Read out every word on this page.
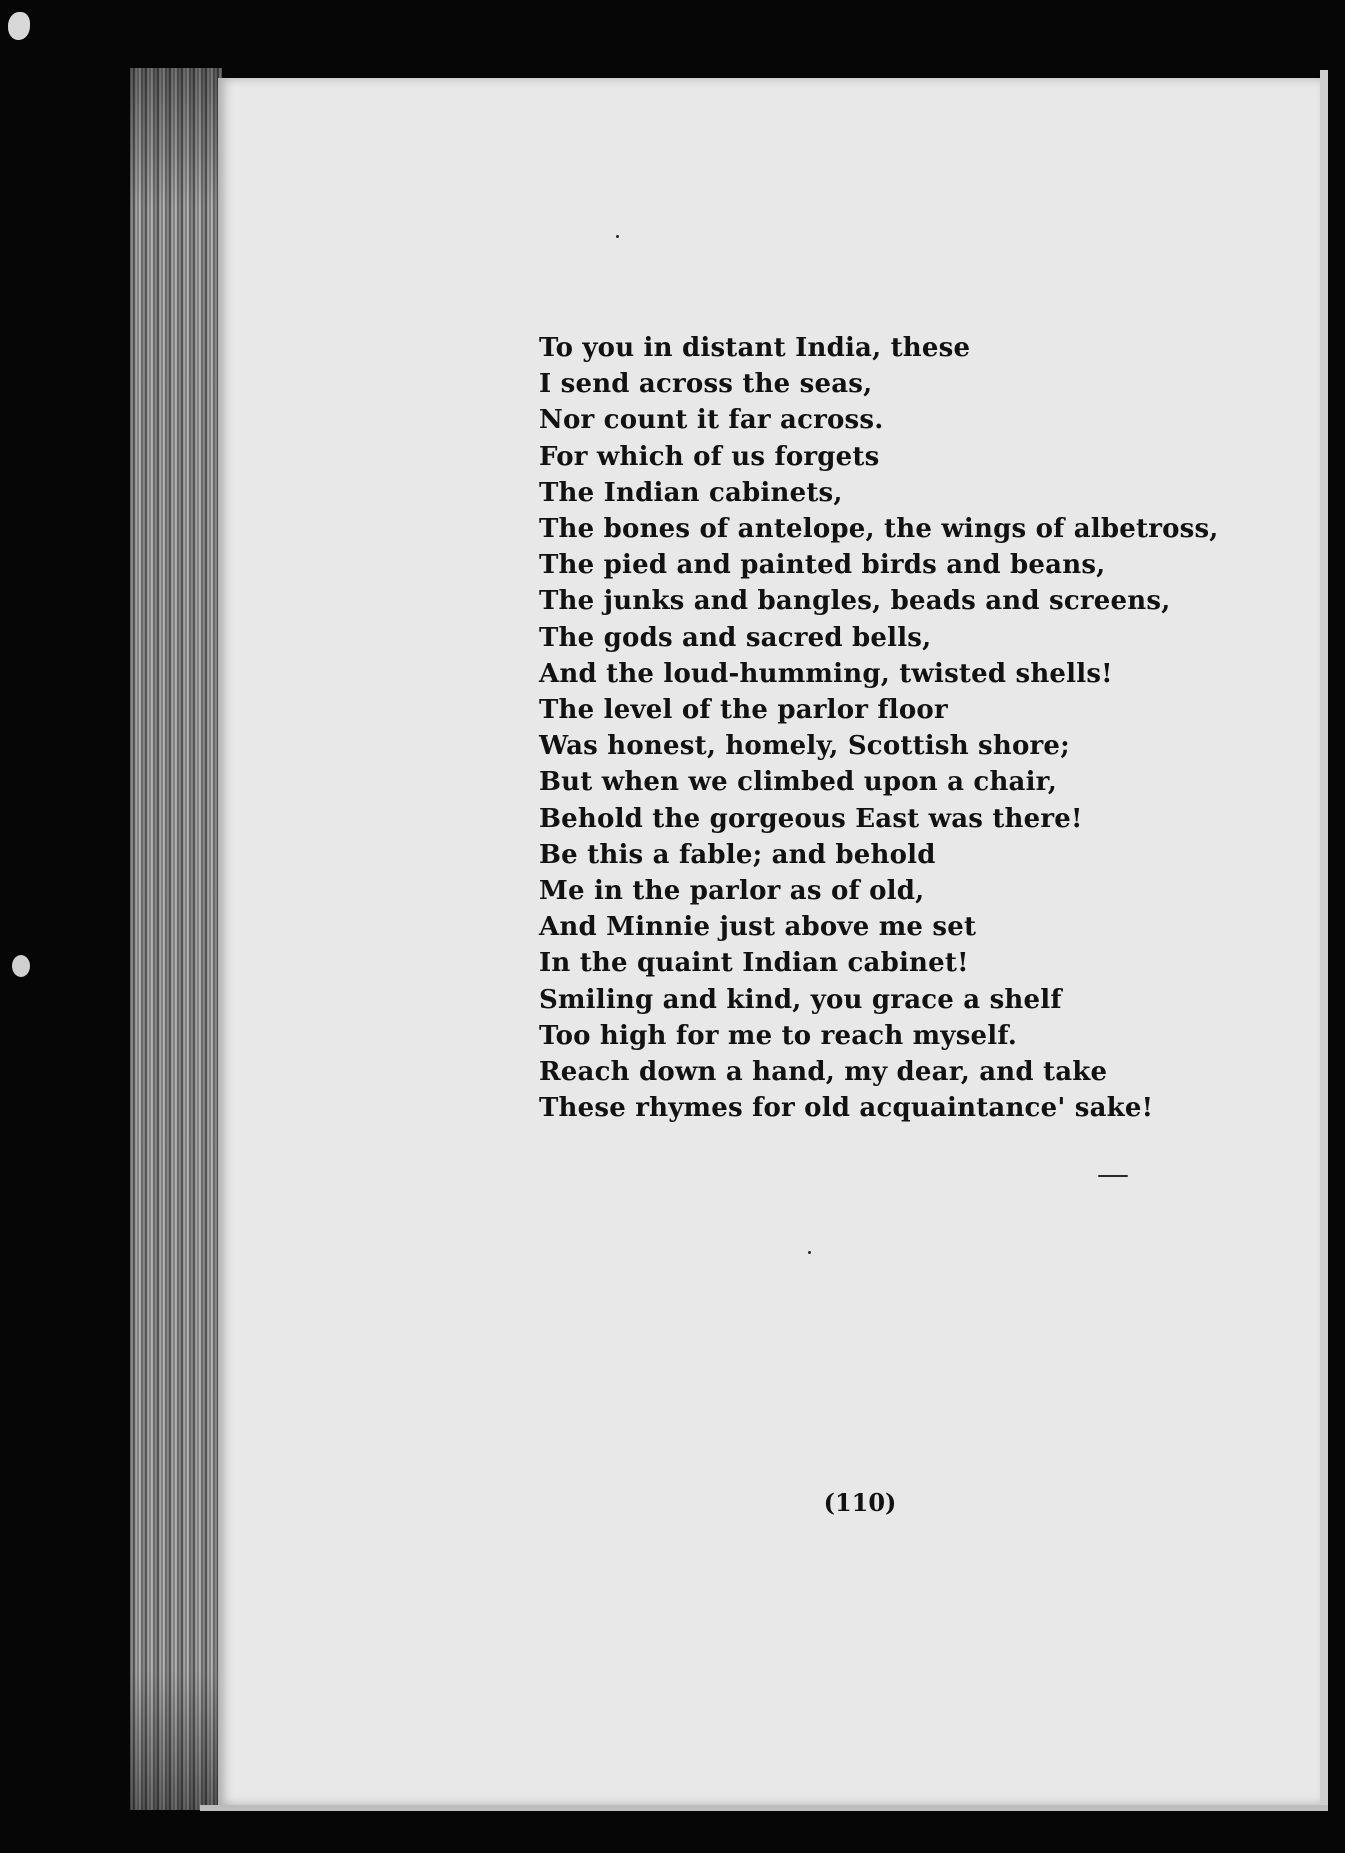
To you in distant India, these
I send across the seas,
Nor count it far across.
For which of us forgets
The Indian cabinets,
The bones of antelope, the wings of albetross,
The pied and painted birds and beans,
The junks and bangles, beads and screens,
The gods and sacred bells,
And the loud-humming, twisted shells!
The level of the parlor floor
Was honest, homely, Scottish shore;
But when we climbed upon a chair,
Behold the gorgeous East was there!
Be this a fable; and behold
Me in the parlor as of old,
And Minnie just above me set
In the quaint Indian cabinet!
Smiling and kind, you grace a shelf
Too high for me to reach myself.
Reach down a hand, my dear, and take
These rhymes for old acquaintance' sake!
(110)
